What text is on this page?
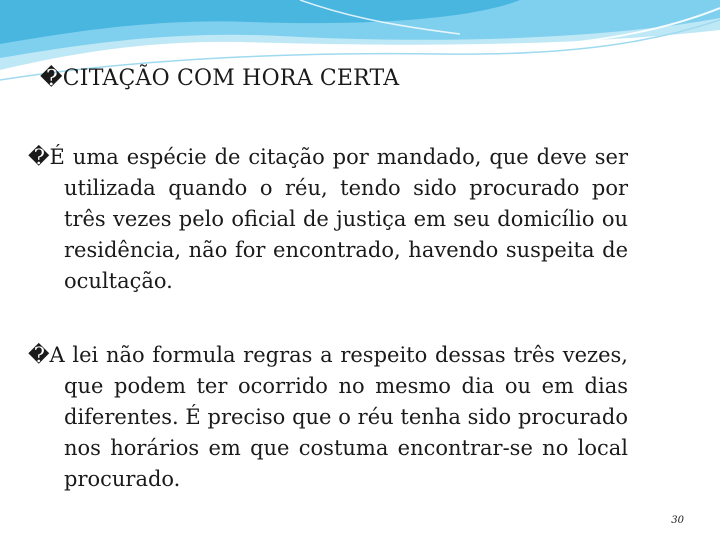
�CITAÇÃO COM HORA CERTA
�É uma espécie de citação por mandado, que deve ser utilizada quando o réu, tendo sido procurado por três vezes pelo oficial de justiça em seu domicílio ou residência, não for encontrado, havendo suspeita de ocultação.
�A lei não formula regras a respeito dessas três vezes, que podem ter ocorrido no mesmo dia ou em dias diferentes. É preciso que o réu tenha sido procurado nos horários em que costuma encontrar-se no local procurado.
30
